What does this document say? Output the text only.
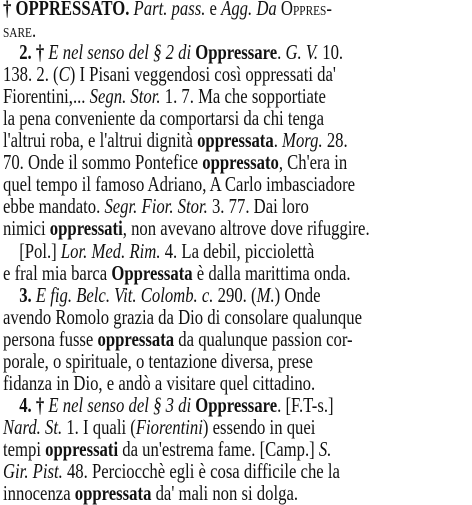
† OPPRESSATO. Part. pass. e Agg. Da Oppres-
sare.
2. † E nel senso del § 2 di Oppressare. G. V. 10.
138. 2. (C) I Pisani veggendosi così oppressati da'
Fiorentini,... Segn. Stor. 1. 7. Ma che sopportiate
la pena conveniente da comportarsi da chi tenga
l'altrui roba, e l'altrui dignità oppressata. Morg. 28.
70. Onde il sommo Pontefice oppressato, Ch'era in
quel tempo il famoso Adriano, A Carlo imbasciadore
ebbe mandato. Segr. Fior. Stor. 3. 77. Dai loro
nimici oppressati, non avevano altrove dove rifuggire.
[Pol.] Lor. Med. Rim. 4. La debil, picciolettà
e fral mia barca Oppressata è dalla marittima onda.
3. E fig. Belc. Vit. Colomb. c. 290. (M.) Onde
avendo Romolo grazia da Dio di consolare qualunque
persona fusse oppressata da qualunque passion cor-
porale, o spirituale, o tentazione diversa, prese
fidanza in Dio, e andò a visitare quel cittadino.
4. † E nel senso del § 3 di Oppressare. [F.T-s.]
Nard. St. 1. I quali (Fiorentini) essendo in quei
tempi oppressati da un'estrema fame. [Camp.] S.
Gir. Pist. 48. Perciocchè egli è cosa difficile che la
innocenza oppressata da' mali non si dolga.
